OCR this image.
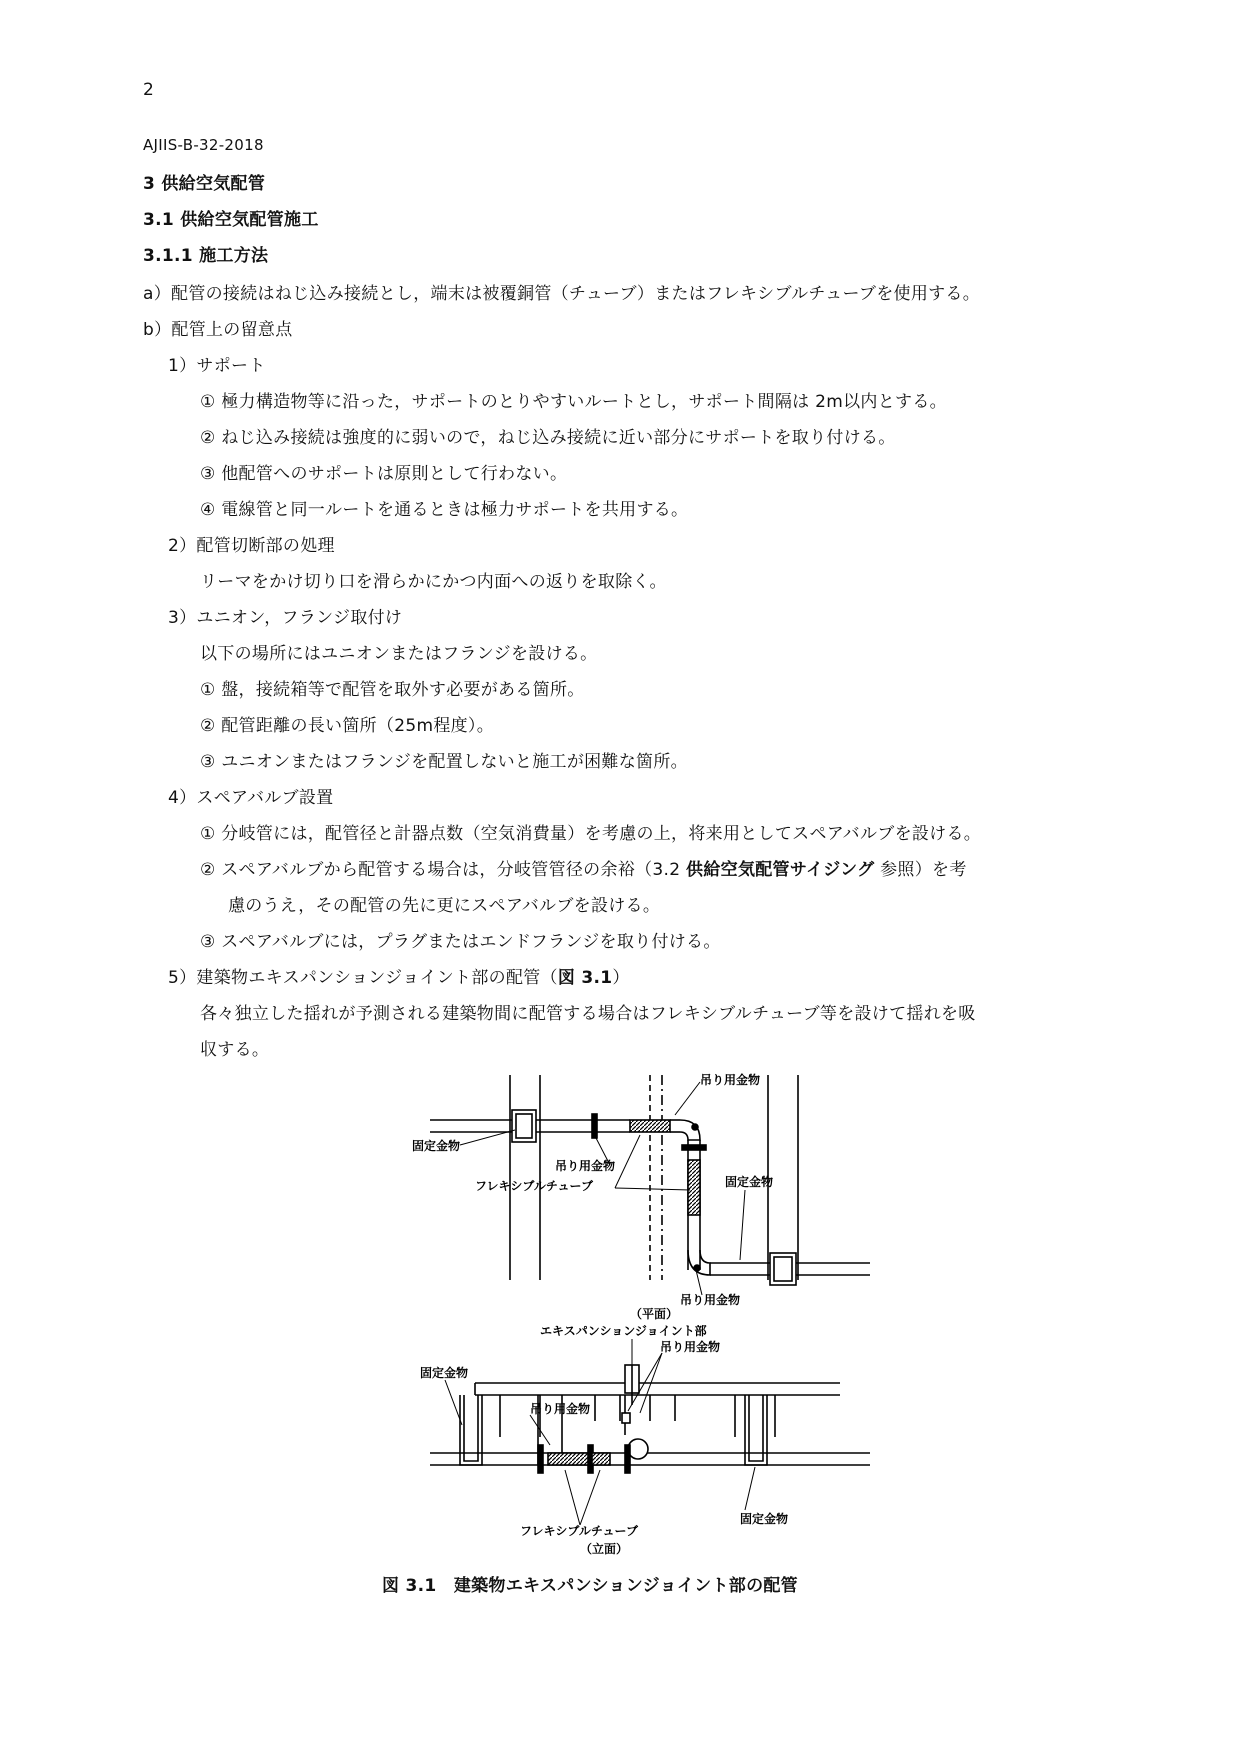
2
AJIIS-B-32-2018
3 供給空気配管
3.1 供給空気配管施工
3.1.1 施工方法
a）配管の接続はねじ込み接続とし，端末は被覆銅管（チューブ）またはフレキシブルチューブを使用する。
b）配管上の留意点
1）サポート
① 極力構造物等に沿った，サポートのとりやすいルートとし，サポート間隔は 2m以内とする。
② ねじ込み接続は強度的に弱いので，ねじ込み接続に近い部分にサポートを取り付ける。
③ 他配管へのサポートは原則として行わない。
④ 電線管と同一ルートを通るときは極力サポートを共用する。
2）配管切断部の処理
リーマをかけ切り口を滑らかにかつ内面への返りを取除く。
3）ユニオン，フランジ取付け
以下の場所にはユニオンまたはフランジを設ける。
① 盤，接続箱等で配管を取外す必要がある箇所。
② 配管距離の長い箇所（25m程度）。
③ ユニオンまたはフランジを配置しないと施工が困難な箇所。
4）スペアバルブ設置
① 分岐管には，配管径と計器点数（空気消費量）を考慮の上，将来用としてスペアバルブを設ける。
② スペアバルブから配管する場合は，分岐管管径の余裕（3.2 供給空気配管サイジング 参照）を考
慮のうえ，その配管の先に更にスペアバルブを設ける。
③ スペアバルブには，プラグまたはエンドフランジを取り付ける。
5）建築物エキスパンションジョイント部の配管（図 3.1）
各々独立した揺れが予測される建築物間に配管する場合はフレキシブルチューブ等を設けて揺れを吸
収する。
固定金物
吊り用金物
吊り用金物
フレキシブルチューブ	固定金物
吊り用金物
（平面）
エキスパンションジョイント部
吊り用金物
固定金物
吊り用金物
フレキシブルチューブ
固定金物
（立面）
図 3.1　建築物エキスパンションジョイント部の配管
